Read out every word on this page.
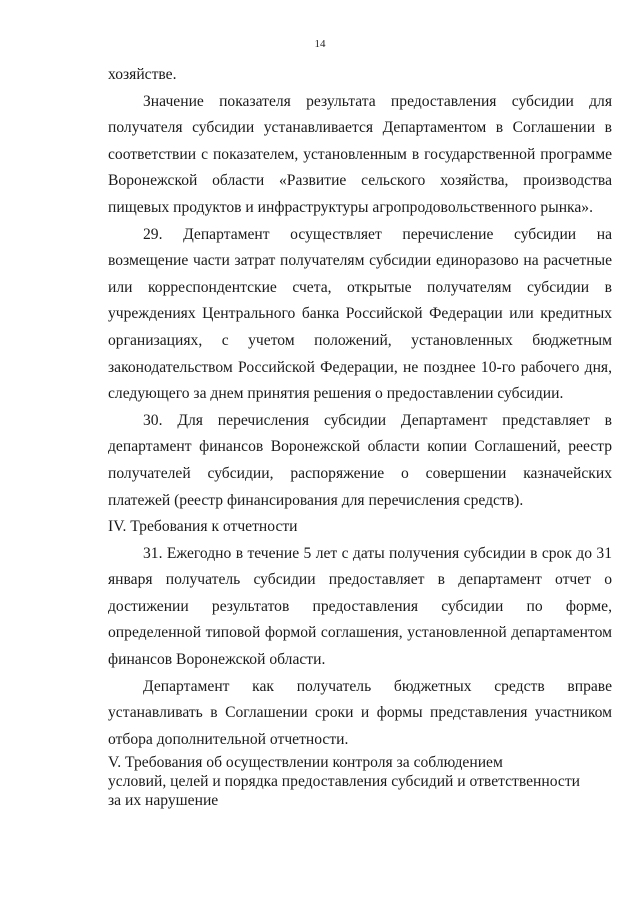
14

хозяйстве.

Значение показателя результата предоставления субсидии для получателя субсидии устанавливается Департаментом в Соглашении в соответствии с показателем, установленным в государственной программе Воронежской области «Развитие сельского хозяйства, производства пищевых продуктов и инфраструктуры агропродовольственного рынка».

29. Департамент осуществляет перечисление субсидии на возмещение части затрат получателям субсидии единоразово на расчетные или корреспондентские счета, открытые получателям субсидии в учреждениях Центрального банка Российской Федерации или кредитных организациях, с учетом положений, установленных бюджетным законодательством Российской Федерации, не позднее 10-го рабочего дня, следующего за днем принятия решения о предоставлении субсидии.

30. Для перечисления субсидии Департамент представляет в департамент финансов Воронежской области копии Соглашений, реестр получателей субсидии, распоряжение о совершении казначейских платежей (реестр финансирования для перечисления средств).

IV. Требования к отчетности

31. Ежегодно в течение 5 лет с даты получения субсидии в срок до 31 января получатель субсидии предоставляет в департамент отчет о достижении результатов предоставления субсидии по форме, определенной типовой формой соглашения, установленной департаментом финансов Воронежской области.

Департамент как получатель бюджетных средств вправе устанавливать в Соглашении сроки и формы представления участником отбора дополнительной отчетности.

V. Требования об осуществлении контроля за соблюдением
условий, целей и порядка предоставления субсидий и ответственности
за их нарушение
